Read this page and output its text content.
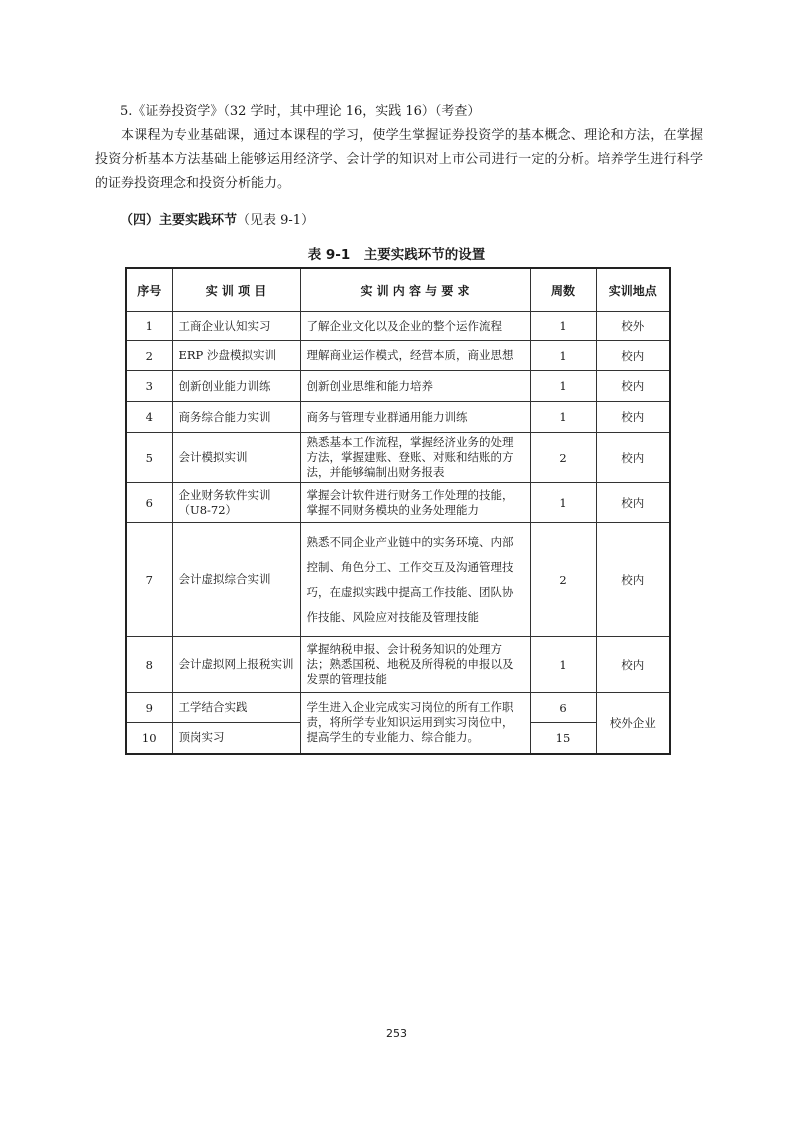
5.《证券投资学》（32 学时，其中理论 16，实践 16）（考查）

本课程为专业基础课，通过本课程的学习，使学生掌握证券投资学的基本概念、理论和方法，在掌握投资分析基本方法基础上能够运用经济学、会计学的知识对上市公司进行一定的分析。培养学生进行科学的证券投资理念和投资分析能力。

（四）主要实践环节（见表 9-1）

表 9-1　主要实践环节的设置
序号	实 训 项 目	实 训 内 容 与 要 求	周数	实训地点
1	工商企业认知实习	了解企业文化以及企业的整个运作流程	1	校外
2	ERP 沙盘模拟实训	理解商业运作模式，经营本质，商业思想	1	校内
3	创新创业能力训练	创新创业思维和能力培养	1	校内
4	商务综合能力实训	商务与管理专业群通用能力训练	1	校内
5	会计模拟实训	熟悉基本工作流程，掌握经济业务的处理方法，掌握建账、登账、对账和结账的方法，并能够编制出财务报表	2	校内
6	企业财务软件实训（U8-72）	掌握会计软件进行财务工作处理的技能，掌握不同财务模块的业务处理能力	1	校内
7	会计虚拟综合实训	熟悉不同企业产业链中的实务环境、内部控制、角色分工、工作交互及沟通管理技巧，在虚拟实践中提高工作技能、团队协作技能、风险应对技能及管理技能	2	校内
8	会计虚拟网上报税实训	掌握纳税申报、会计税务知识的处理方法；熟悉国税、地税及所得税的申报以及发票的管理技能	1	校内
9	工学结合实践	学生进入企业完成实习岗位的所有工作职责，将所学专业知识运用到实习岗位中，提高学生的专业能力、综合能力。	6	校外企业
10	顶岗实习		15	
253
